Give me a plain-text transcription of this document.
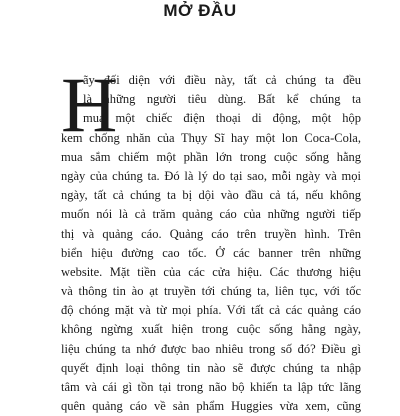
MỞ ĐẦU
H
ãy đối diện với điều này, tất cả chúng ta đều
là những người tiêu dùng. Bất kể chúng ta
mua một chiếc điện thoại di động, một hộp
kem chống nhăn của Thụy Sĩ hay một lon Coca-Cola,
mua sắm chiếm một phần lớn trong cuộc sống hằng
ngày của chúng ta. Đó là lý do tại sao, mỗi ngày và mọi
ngày, tất cả chúng ta bị dội vào đầu cả tá, nếu không
muốn nói là cả trăm quảng cáo của những người tiếp
thị và quảng cáo. Quảng cáo trên truyền hình. Trên
biển hiệu đường cao tốc. Ở các banner trên những
website. Mặt tiền của các cửa hiệu. Các thương hiệu
và thông tin ào ạt truyền tới chúng ta, liên tục, với tốc
độ chóng mặt và từ mọi phía. Với tất cả các quảng cáo
không ngừng xuất hiện trong cuộc sống hằng ngày,
liệu chúng ta nhớ được bao nhiêu trong số đó? Điều gì
quyết định loại thông tin nào sẽ được chúng ta nhập
tâm và cái gì tồn tại trong não bộ khiến ta lập tức lãng
quên quảng cáo về sản phẩm Huggies vừa xem, cũng
